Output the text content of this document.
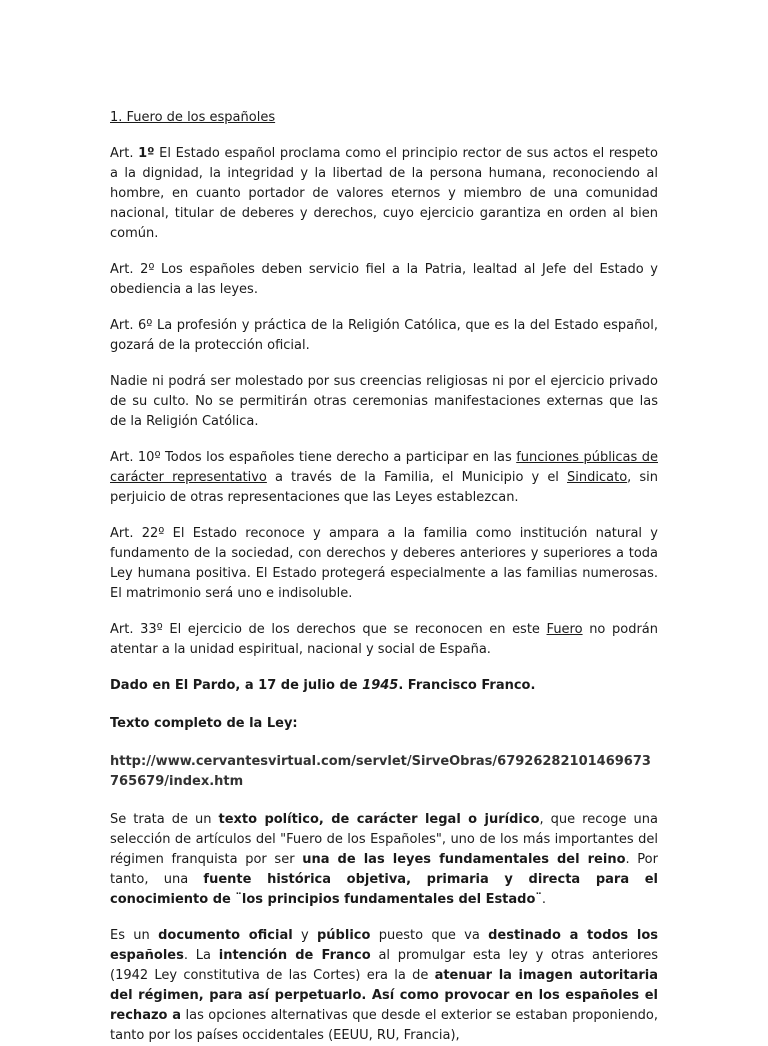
1. Fuero de los españoles

Art. 1º El Estado español proclama como el principio rector de sus actos el respeto a la dignidad, la integridad y la libertad de la persona humana, reconociendo al hombre, en cuanto portador de valores eternos y miembro de una comunidad nacional, titular de deberes y derechos, cuyo ejercicio garantiza en orden al bien común.

Art. 2º Los españoles deben servicio fiel a la Patria, lealtad al Jefe del Estado y obediencia a las leyes.

Art. 6º La profesión y práctica de la Religión Católica, que es la del Estado español, gozará de la protección oficial.

Nadie ni podrá ser molestado por sus creencias religiosas ni por el ejercicio privado de su culto. No se permitirán otras ceremonias manifestaciones externas que las de la Religión Católica.

Art. 10º Todos los españoles tiene derecho a participar en las funciones públicas de carácter representativo a través de la Familia, el Municipio y el Sindicato, sin perjuicio de otras representaciones que las Leyes establezcan.

Art. 22º El Estado reconoce y ampara a la familia como institución natural y fundamento de la sociedad, con derechos y deberes anteriores y superiores a toda Ley humana positiva. El Estado protegerá especialmente a las familias numerosas. El matrimonio será uno e indisoluble.

Art. 33º El ejercicio de los derechos que se reconocen en este Fuero no podrán atentar a la unidad espiritual, nacional y social de España.

Dado en El Pardo, a 17 de julio de 1945. Francisco Franco.

Texto completo de la Ley:

http://www.cervantesvirtual.com/servlet/SirveObras/67926282101469673765679/index.htm

Se trata de un texto político, de carácter legal o jurídico, que recoge una selección de artículos del "Fuero de los Españoles", uno de los más importantes del régimen franquista por ser una de las leyes fundamentales del reino. Por tanto, una fuente histórica objetiva, primaria y directa para el conocimiento de ¨los principios fundamentales del Estado¨.

Es un documento oficial y público puesto que va destinado a todos los españoles. La intención de Franco al promulgar esta ley y otras anteriores (1942 Ley constitutiva de las Cortes) era la de atenuar la imagen autoritaria del régimen, para así perpetuarlo. Así como provocar en los españoles el rechazo a las opciones alternativas que desde el exterior se estaban proponiendo, tanto por los países occidentales (EEUU, RU, Francia),
